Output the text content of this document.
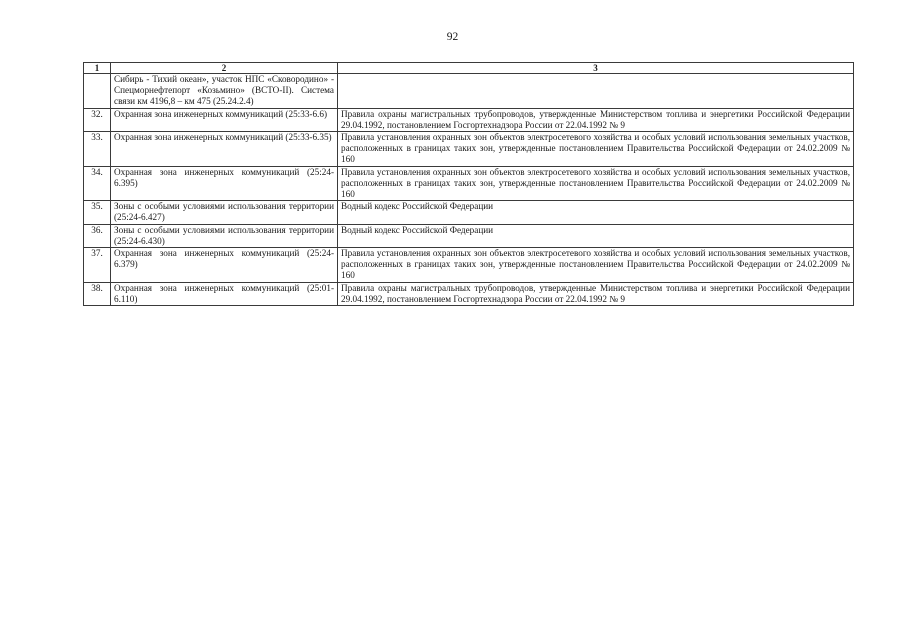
92
1	2	3
	Сибирь - Тихий океан», участок НПС «Сковородино» - Спецморнефтепорт «Козьмино» (ВСТО-II). Система связи км 4196,8 – км 475 (25.24.2.4)	
32.	Охранная зона инженерных коммуникаций (25:33-6.6)	Правила охраны магистральных трубопроводов, утвержденные Министерством топлива и энергетики Российской Федерации 29.04.1992, постановлением Госгортехнадзора России от 22.04.1992 № 9
33.	Охранная зона инженерных коммуникаций (25:33-6.35)	Правила установления охранных зон объектов электросетевого хозяйства и особых условий использования земельных участков, расположенных в границах таких зон, утвержденные постановлением Правительства Российской Федерации от 24.02.2009 № 160
34.	Охранная зона инженерных коммуникаций (25:24-6.395)	Правила установления охранных зон объектов электросетевого хозяйства и особых условий использования земельных участков, расположенных в границах таких зон, утвержденные постановлением Правительства Российской Федерации от 24.02.2009 № 160
35.	Зоны с особыми условиями использования территории (25:24-6.427)	Водный кодекс Российской Федерации
36.	Зоны с особыми условиями использования территории (25:24-6.430)	Водный кодекс Российской Федерации
37.	Охранная зона инженерных коммуникаций (25:24-6.379)	Правила установления охранных зон объектов электросетевого хозяйства и особых условий использования земельных участков, расположенных в границах таких зон, утвержденные постановлением Правительства Российской Федерации от 24.02.2009 № 160
38.	Охранная зона инженерных коммуникаций (25:01-6.110)	Правила охраны магистральных трубопроводов, утвержденные Министерством топлива и энергетики Российской Федерации 29.04.1992, постановлением Госгортехнадзора России от 22.04.1992 № 9
